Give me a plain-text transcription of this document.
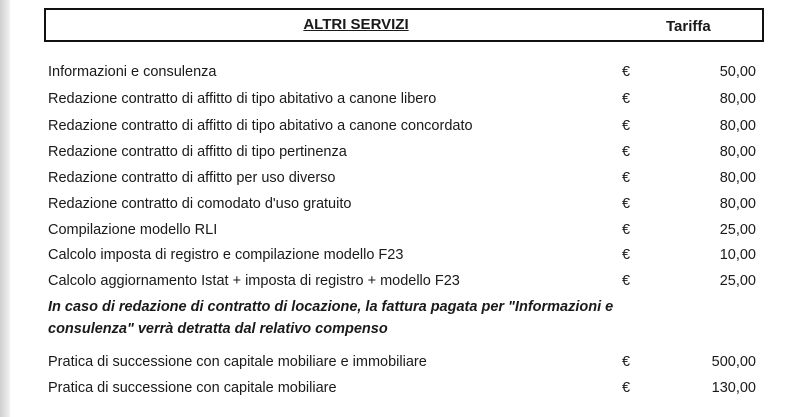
ALTRI SERVIZI	Tariffa
Informazioni e consulenza	€	50,00
Redazione contratto di affitto di tipo abitativo a canone libero	€	80,00
Redazione contratto di affitto di tipo abitativo a canone concordato	€	80,00
Redazione contratto di affitto di tipo pertinenza	€	80,00
Redazione contratto di affitto per uso diverso	€	80,00
Redazione contratto di comodato d'uso gratuito	€	80,00
Compilazione modello RLI	€	25,00
Calcolo imposta di registro e compilazione modello F23	€	10,00
Calcolo aggiornamento Istat + imposta di registro + modello F23	€	25,00
In caso di redazione di contratto di locazione, la fattura pagata per "Informazioni e consulenza" verrà detratta dal relativo compenso
Pratica di successione con capitale mobiliare e immobiliare	€	500,00
Pratica di successione con capitale mobiliare	€	130,00
